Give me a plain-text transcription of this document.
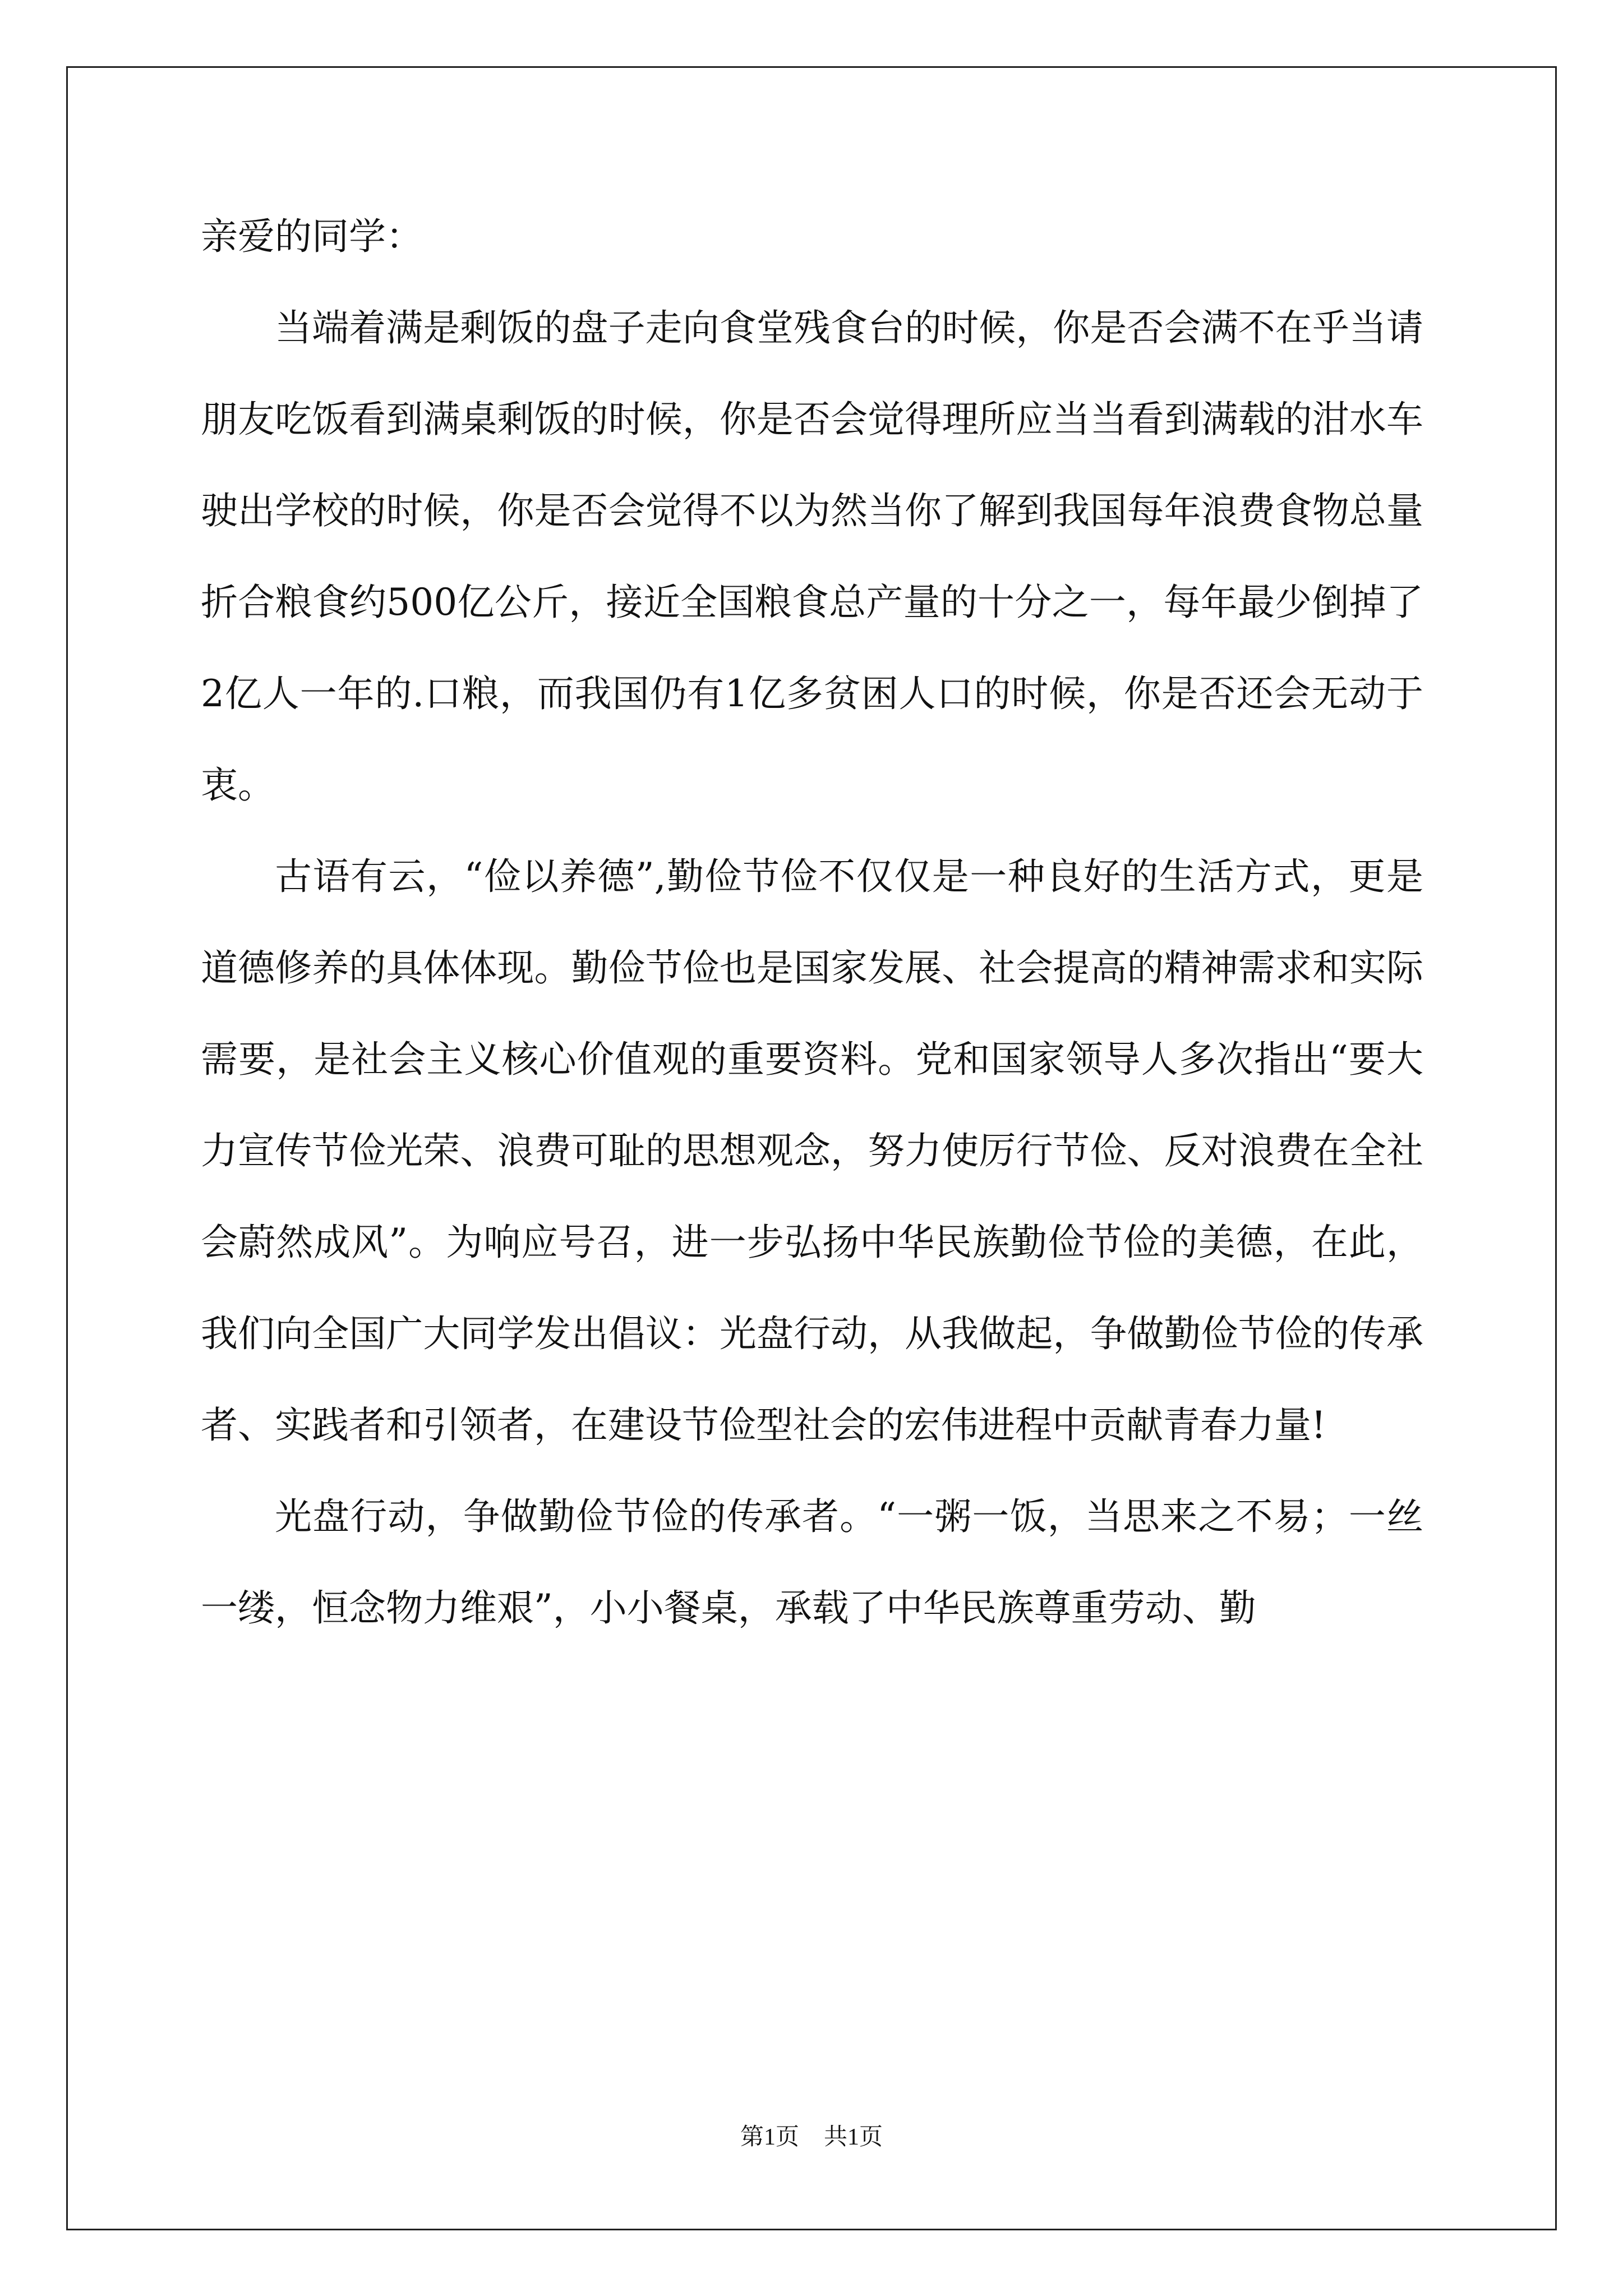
亲爱的同学：

当端着满是剩饭的盘子走向食堂残食台的时候，你是否会满不在乎当请朋友吃饭看到满桌剩饭的时候，你是否会觉得理所应当当看到满载的泔水车驶出学校的时候，你是否会觉得不以为然当你了解到我国每年浪费食物总量折合粮食约500亿公斤，接近全国粮食总产量的十分之一，每年最少倒掉了2亿人一年的.口粮，而我国仍有1亿多贫困人口的时候，你是否还会无动于衷。

古语有云，“俭以养德”,勤俭节俭不仅仅是一种良好的生活方式，更是道德修养的具体体现。勤俭节俭也是国家发展、社会提高的精神需求和实际需要，是社会主义核心价值观的重要资料。党和国家领导人多次指出“要大力宣传节俭光荣、浪费可耻的思想观念，努力使厉行节俭、反对浪费在全社会蔚然成风”。为响应号召，进一步弘扬中华民族勤俭节俭的美德，在此，我们向全国广大同学发出倡议：光盘行动，从我做起，争做勤俭节俭的传承者、实践者和引领者，在建设节俭型社会的宏伟进程中贡献青春力量!

光盘行动，争做勤俭节俭的传承者。“一粥一饭，当思来之不易；一丝一缕，恒念物力维艰”，小小餐桌，承载了中华民族尊重劳动、勤

第1页 共1页
